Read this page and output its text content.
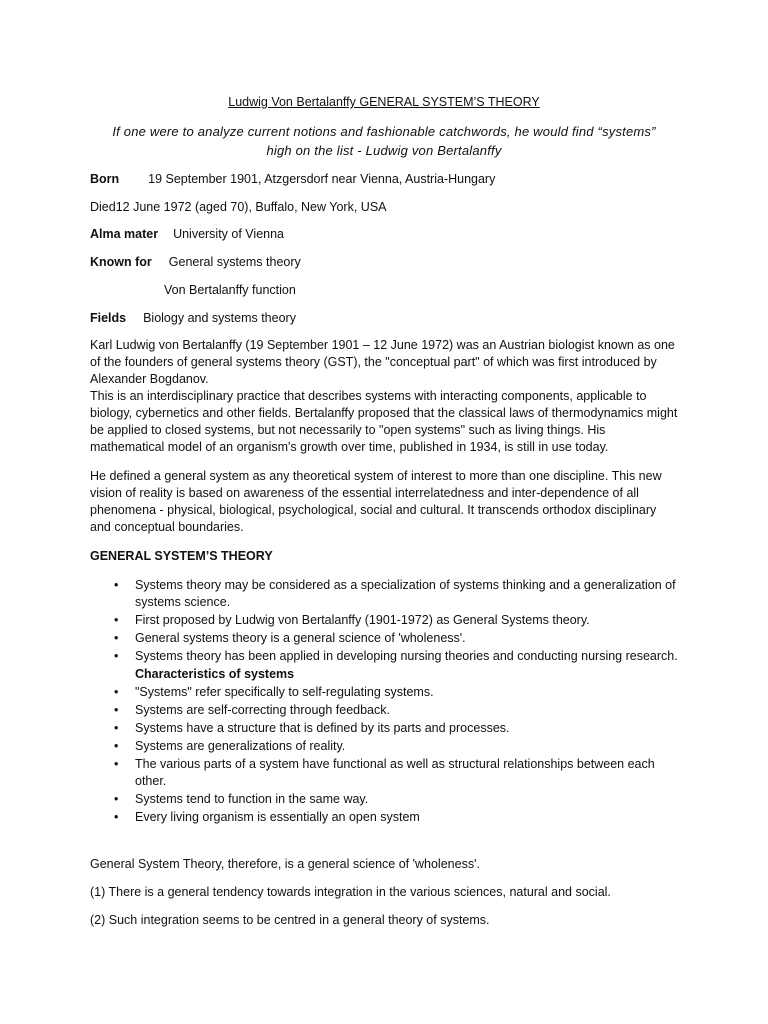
Ludwig Von Bertalanffy GENERAL SYSTEM’S THEORY
If one were to analyze current notions and fashionable catchwords, he would find “systems”
high on the list - Ludwig von Bertalanffy
Born 19 September 1901, Atzgersdorf near Vienna, Austria-Hungary
Died12 June 1972 (aged 70), Buffalo, New York, USA
Alma mater University of Vienna
Known for General systems theory
Von Bertalanffy function
Fields Biology and systems theory
Karl Ludwig von Bertalanffy (19 September 1901 – 12 June 1972) was an Austrian biologist known as one of the founders of general systems theory (GST), the "conceptual part" of which was first introduced by Alexander Bogdanov.
This is an interdisciplinary practice that describes systems with interacting components, applicable to biology, cybernetics and other fields. Bertalanffy proposed that the classical laws of thermodynamics might be applied to closed systems, but not necessarily to "open systems" such as living things. His mathematical model of an organism's growth over time, published in 1934, is still in use today.
He defined a general system as any theoretical system of interest to more than one discipline. This new vision of reality is based on awareness of the essential interrelatedness and inter-dependence of all phenomena - physical, biological, psychological, social and cultural. It transcends orthodox disciplinary and conceptual boundaries.
GENERAL SYSTEM’S THEORY
• Systems theory may be considered as a specialization of systems thinking and a generalization of systems science.
• First proposed by Ludwig von Bertalanffy (1901-1972) as General Systems theory.
• General systems theory is a general science of 'wholeness'.
• Systems theory has been applied in developing nursing theories and conducting nursing research.
Characteristics of systems
• "Systems" refer specifically to self-regulating systems.
• Systems are self-correcting through feedback.
• Systems have a structure that is defined by its parts and processes.
• Systems are generalizations of reality.
• The various parts of a system have functional as well as structural relationships between each other.
• Systems tend to function in the same way.
• Every living organism is essentially an open system
General System Theory, therefore, is a general science of 'wholeness'.
(1) There is a general tendency towards integration in the various sciences, natural and social.
(2) Such integration seems to be centred in a general theory of systems.
